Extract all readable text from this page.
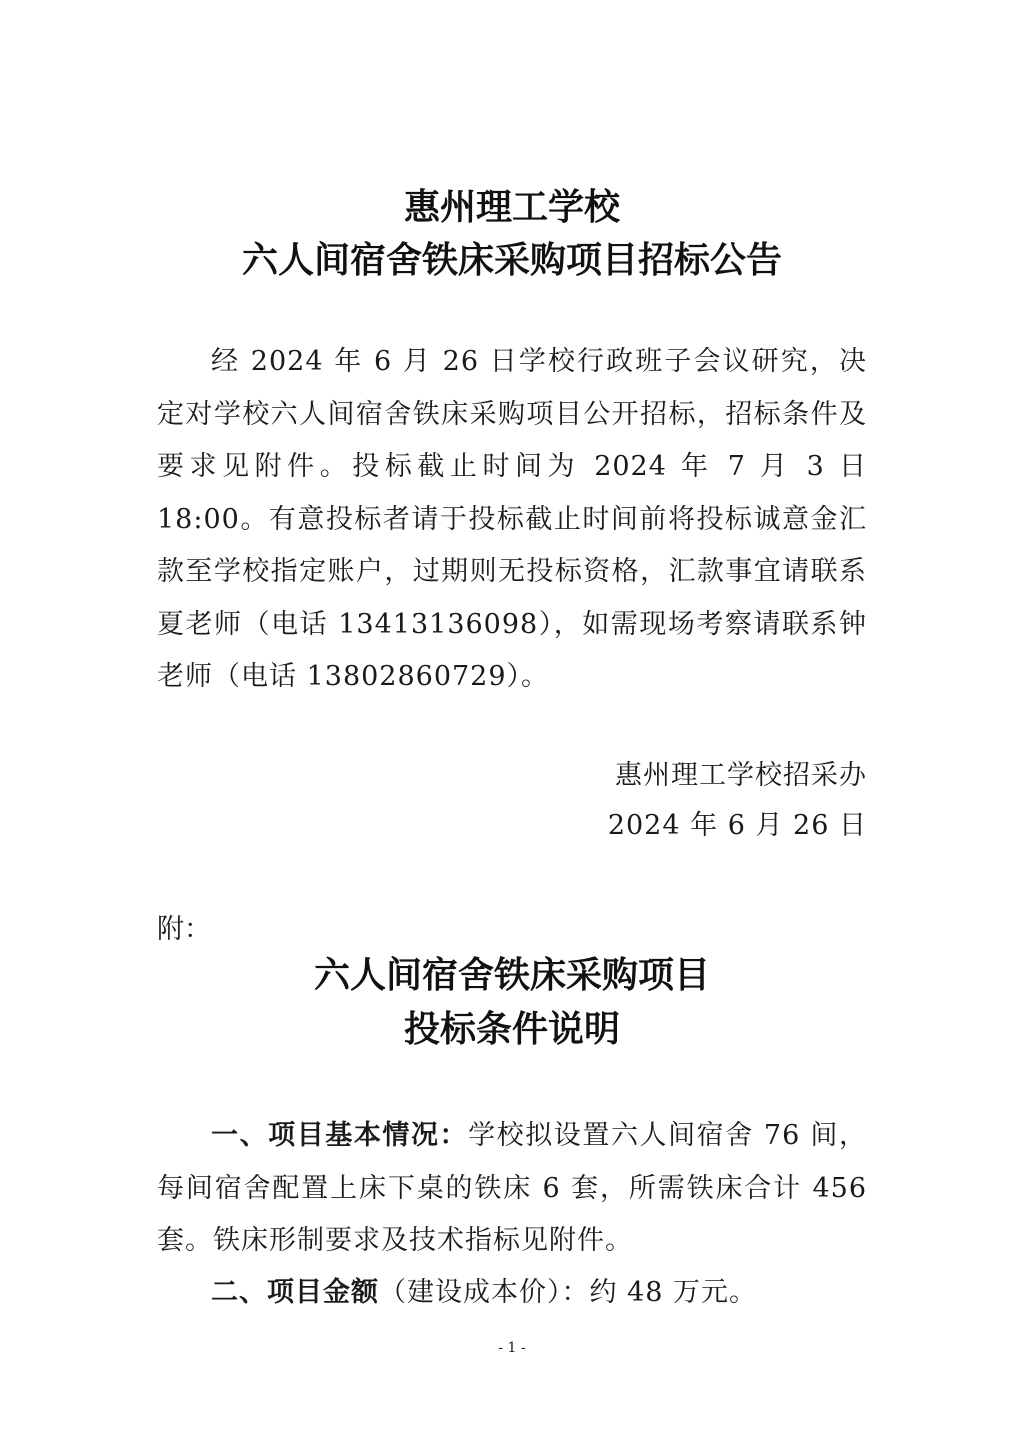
惠州理工学校
六人间宿舍铁床采购项目招标公告

经 2024 年 6 月 26 日学校行政班子会议研究，决定对学校六人间宿舍铁床采购项目公开招标，招标条件及要求见附件。投标截止时间为 2024 年 7 月 3 日 18:00。有意投标者请于投标截止时间前将投标诚意金汇款至学校指定账户，过期则无投标资格，汇款事宜请联系夏老师（电话 13413136098），如需现场考察请联系钟老师（电话 13802860729）。

惠州理工学校招采办

2024 年 6 月 26 日

附：

六人间宿舍铁床采购项目
投标条件说明

一、项目基本情况：学校拟设置六人间宿舍 76 间，每间宿舍配置上床下桌的铁床 6 套，所需铁床合计 456 套。铁床形制要求及技术指标见附件。

二、项目金额（建设成本价）：约 48 万元。

- 1 -
